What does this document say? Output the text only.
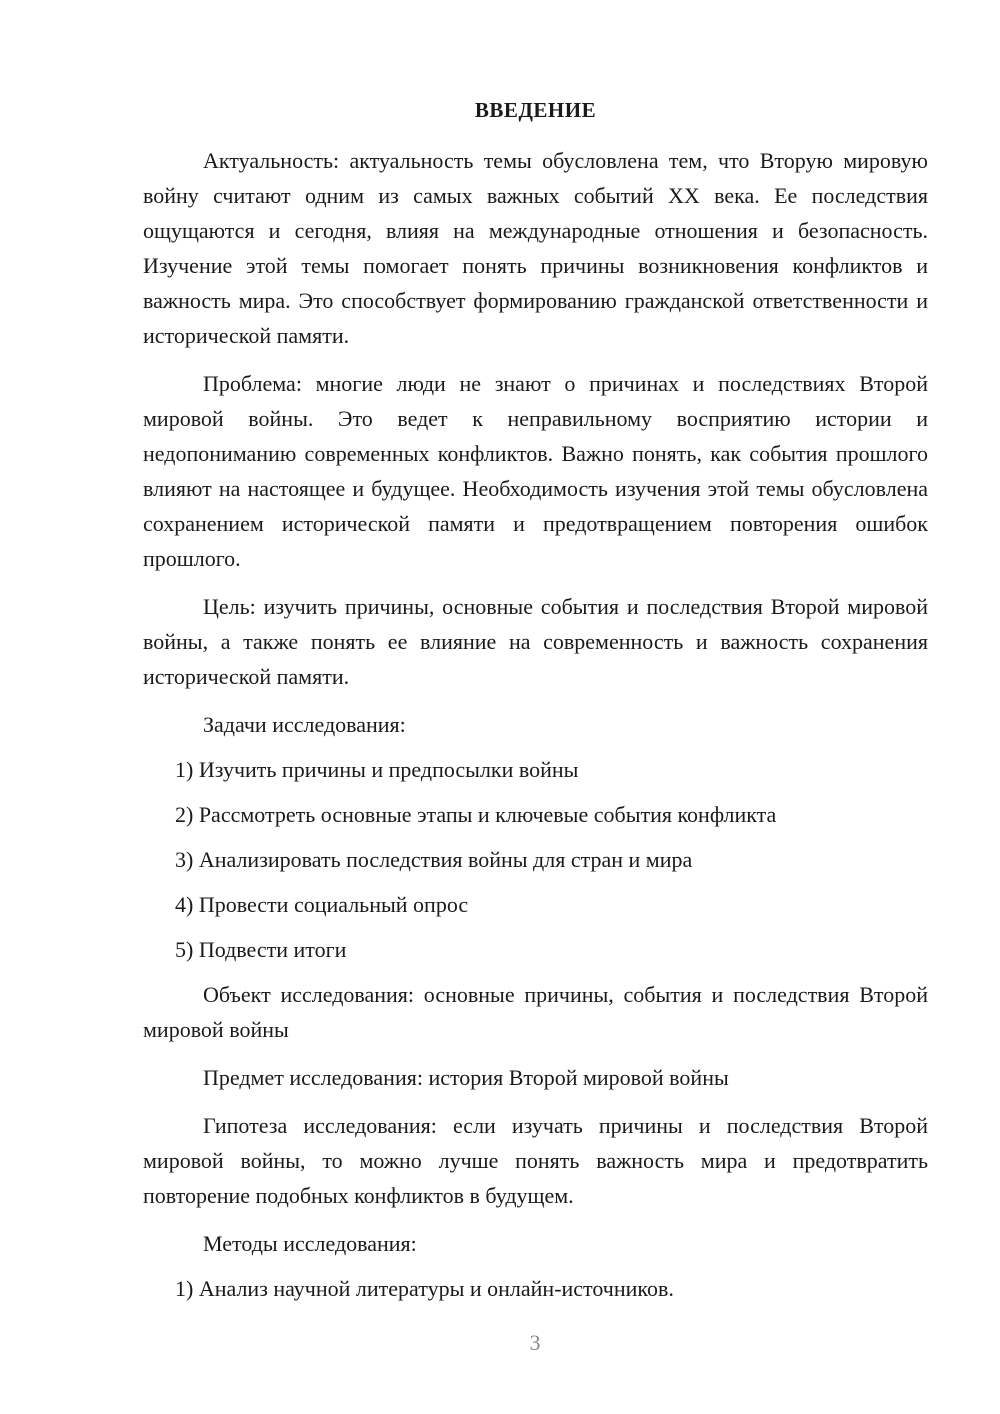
ВВЕДЕНИЕ

Актуальность: актуальность темы обусловлена тем, что Вторую мировую войну считают одним из самых важных событий XX века. Ее последствия ощущаются и сегодня, влияя на международные отношения и безопасность. Изучение этой темы помогает понять причины возникновения конфликтов и важность мира. Это способствует формированию гражданской ответственности и исторической памяти.

Проблема: многие люди не знают о причинах и последствиях Второй мировой войны. Это ведет к неправильному восприятию истории и недопониманию современных конфликтов. Важно понять, как события прошлого влияют на настоящее и будущее. Необходимость изучения этой темы обусловлена сохранением исторической памяти и предотвращением повторения ошибок прошлого.

Цель: изучить причины, основные события и последствия Второй мировой войны, а также понять ее влияние на современность и важность сохранения исторической памяти.

Задачи исследования:
1) Изучить причины и предпосылки войны
2) Рассмотреть основные этапы и ключевые события конфликта
3) Анализировать последствия войны для стран и мира
4) Провести социальный опрос
5) Подвести итоги

Объект исследования: основные причины, события и последствия Второй мировой войны

Предмет исследования: история Второй мировой войны

Гипотеза исследования: если изучать причины и последствия Второй мировой войны, то можно лучше понять важность мира и предотвратить повторение подобных конфликтов в будущем.

Методы исследования:
1) Анализ научной литературы и онлайн-источников.
3
